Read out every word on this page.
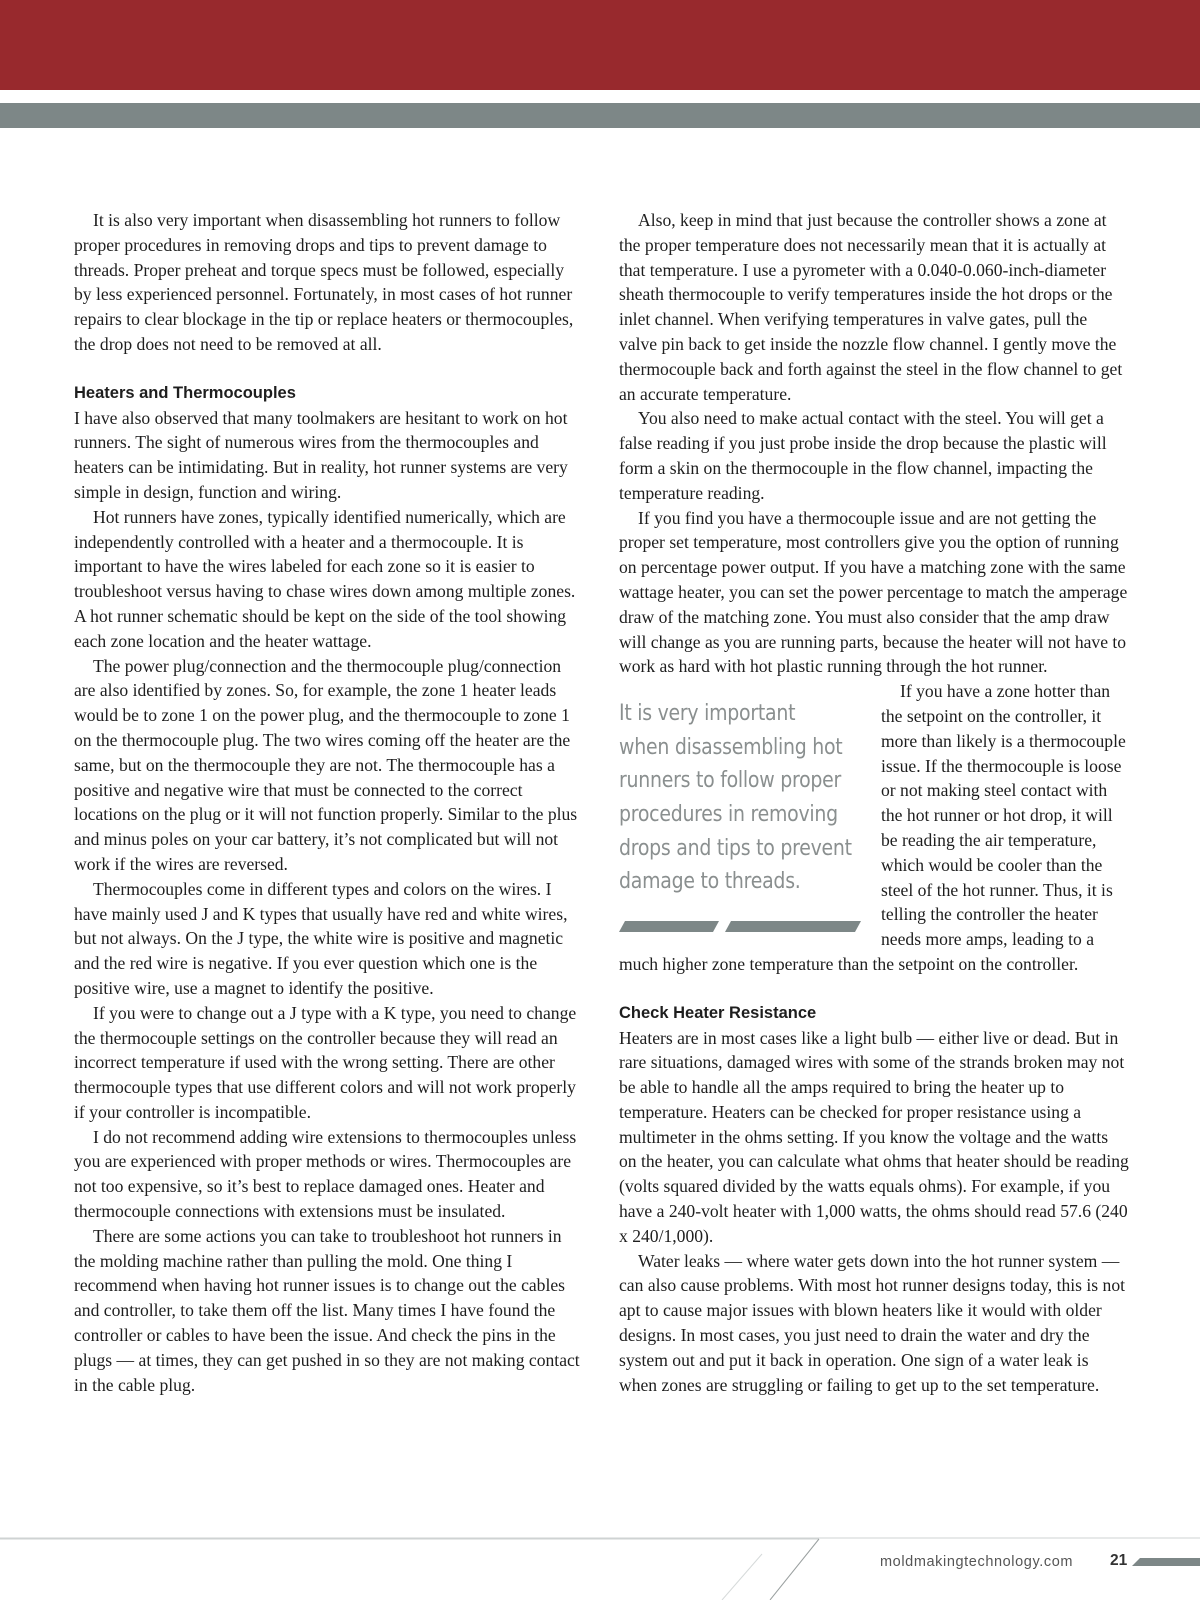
It is also very important when disassembling hot runners to follow proper procedures in removing drops and tips to prevent damage to threads. Proper preheat and torque specs must be followed, especially by less experienced personnel. Fortunately, in most cases of hot runner repairs to clear blockage in the tip or replace heaters or thermocouples, the drop does not need to be removed at all.

Heaters and Thermocouples

I have also observed that many toolmakers are hesitant to work on hot runners. The sight of numerous wires from the thermocouples and heaters can be intimidating. But in reality, hot runner systems are very simple in design, function and wiring.

Hot runners have zones, typically identified numerically, which are independently controlled with a heater and a thermocouple. It is important to have the wires labeled for each zone so it is easier to troubleshoot versus having to chase wires down among multiple zones. A hot runner schematic should be kept on the side of the tool showing each zone location and the heater wattage.

The power plug/connection and the thermocouple plug/connection are also identified by zones. So, for example, the zone 1 heater leads would be to zone 1 on the power plug, and the thermocouple to zone 1 on the thermocouple plug. The two wires coming off the heater are the same, but on the thermocouple they are not. The thermocouple has a positive and negative wire that must be connected to the correct locations on the plug or it will not function properly. Similar to the plus and minus poles on your car battery, it’s not complicated but will not work if the wires are reversed.

Thermocouples come in different types and colors on the wires. I have mainly used J and K types that usually have red and white wires, but not always. On the J type, the white wire is positive and magnetic and the red wire is negative. If you ever question which one is the positive wire, use a magnet to identify the positive.

If you were to change out a J type with a K type, you need to change the thermocouple settings on the controller because they will read an incorrect temperature if used with the wrong setting. There are other thermocouple types that use different colors and will not work properly if your controller is incompatible.

I do not recommend adding wire extensions to thermocouples unless you are experienced with proper methods or wires. Thermocouples are not too expensive, so it’s best to replace damaged ones. Heater and thermocouple connections with extensions must be insulated.

There are some actions you can take to troubleshoot hot runners in the molding machine rather than pulling the mold. One thing I recommend when having hot runner issues is to change out the cables and controller, to take them off the list. Many times I have found the controller or cables to have been the issue. And check the pins in the plugs — at times, they can get pushed in so they are not making contact in the cable plug.

Also, keep in mind that just because the controller shows a zone at the proper temperature does not necessarily mean that it is actually at that temperature. I use a pyrometer with a 0.040-0.060-inch-diameter sheath thermocouple to verify temperatures inside the hot drops or the inlet channel. When verifying temperatures in valve gates, pull the valve pin back to get inside the nozzle flow channel. I gently move the thermocouple back and forth against the steel in the flow channel to get an accurate temperature.

You also need to make actual contact with the steel. You will get a false reading if you just probe inside the drop because the plastic will form a skin on the thermocouple in the flow channel, impacting the temperature reading.

If you find you have a thermocouple issue and are not getting the proper set temperature, most controllers give you the option of running on percentage power output. If you have a matching zone with the same wattage heater, you can set the power percentage to match the amperage draw of the matching zone. You must also consider that the amp draw will change as you are running parts, because the heater will not have to work as hard with hot plastic running through the hot runner.

It is very important
when disassembling hot
runners to follow proper
procedures in removing
drops and tips to prevent
damage to threads.

If you have a zone hotter than the setpoint on the controller, it more than likely is a thermocouple issue. If the thermocouple is loose or not making steel contact with the hot runner or hot drop, it will be reading the air temperature, which would be cooler than the steel of the hot runner. Thus, it is telling the controller the heater needs more amps, leading to a much higher zone temperature than the setpoint on the controller.

Check Heater Resistance

Heaters are in most cases like a light bulb — either live or dead. But in rare situations, damaged wires with some of the strands broken may not be able to handle all the amps required to bring the heater up to temperature. Heaters can be checked for proper resistance using a multimeter in the ohms setting. If you know the voltage and the watts on the heater, you can calculate what ohms that heater should be reading (volts squared divided by the watts equals ohms). For example, if you have a 240-volt heater with 1,000 watts, the ohms should read 57.6 (240 x 240/1,000).

Water leaks — where water gets down into the hot runner system — can also cause problems. With most hot runner designs today, this is not apt to cause major issues with blown heaters like it would with older designs. In most cases, you just need to drain the water and dry the system out and put it back in operation. One sign of a water leak is when zones are struggling or failing to get up to the set temperature.

moldmakingtechnology.com 21
